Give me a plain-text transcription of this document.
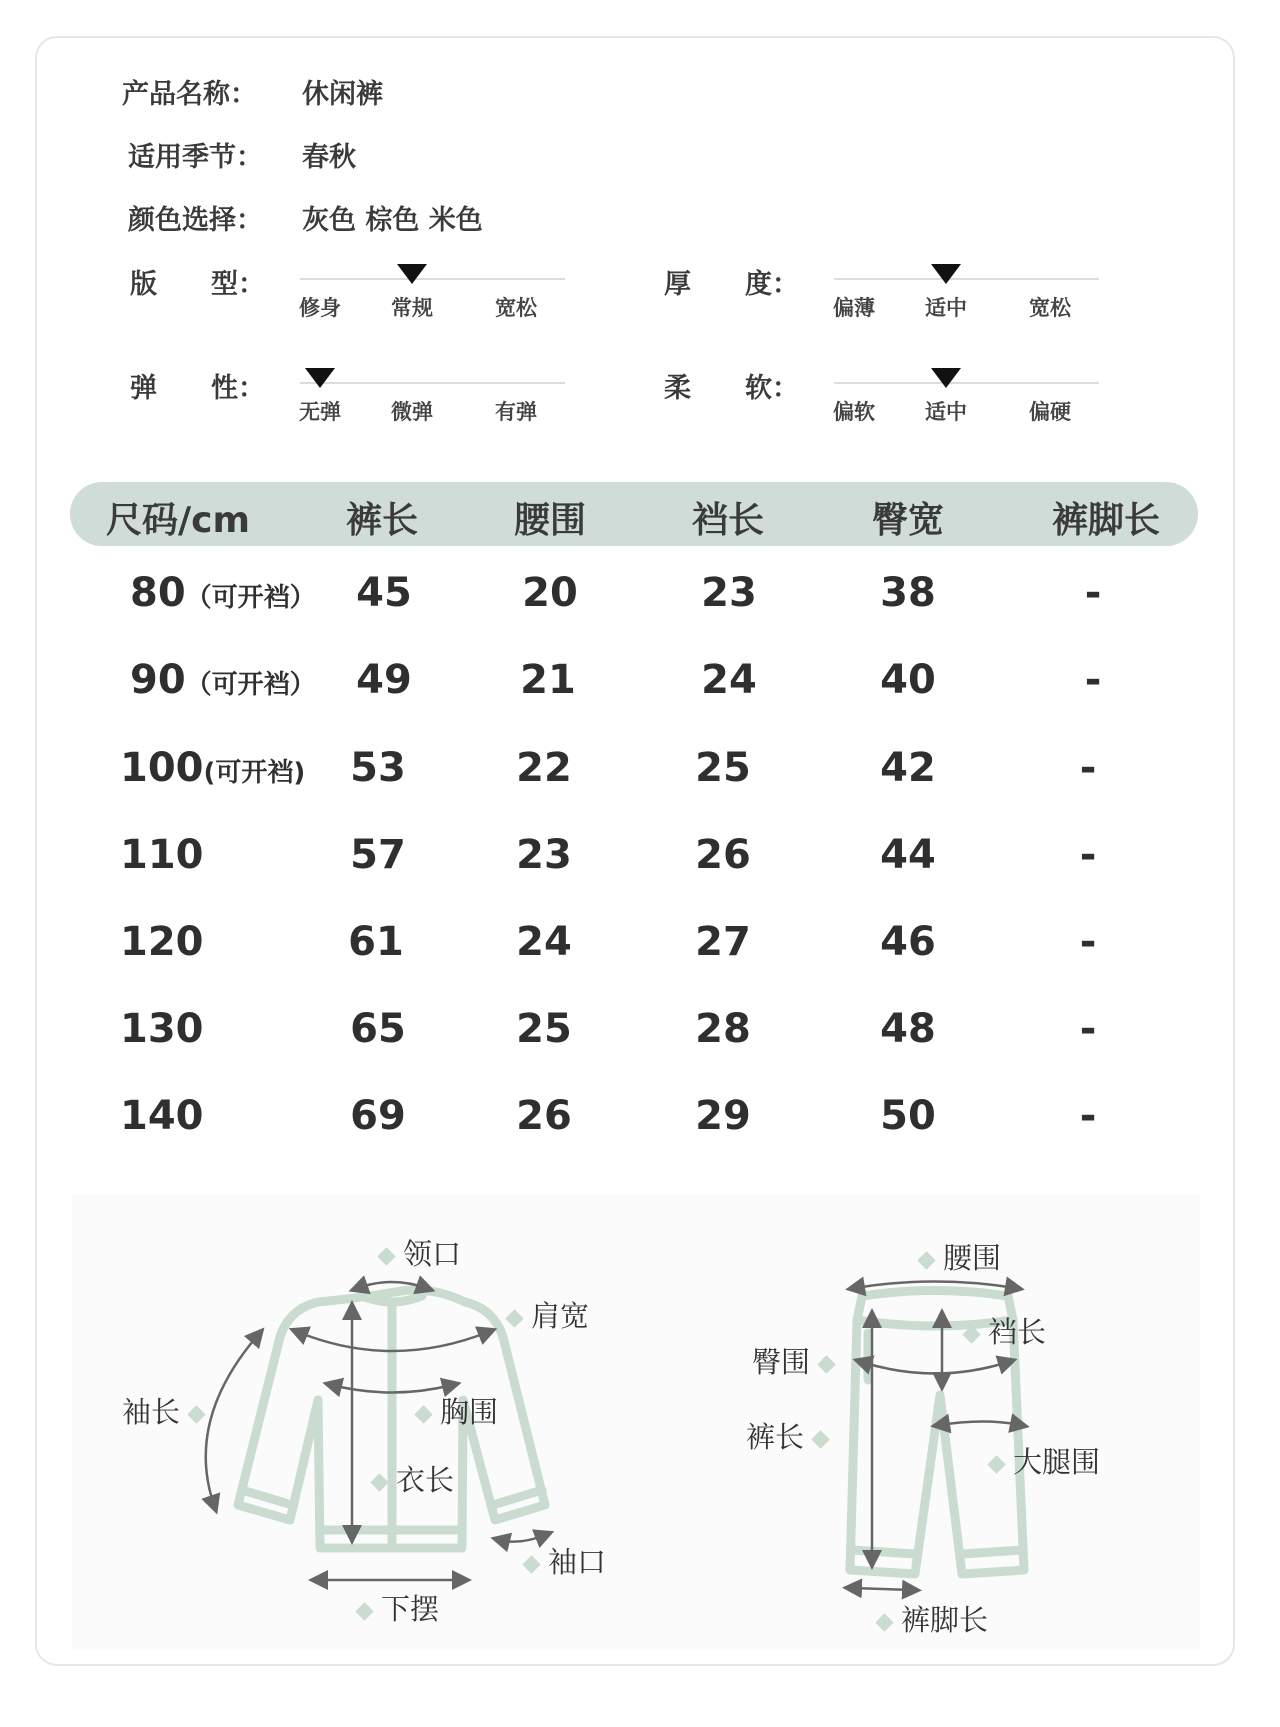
产品名称：	休闲裤
适用季节：	春秋
颜色选择：	灰色 棕色 米色
版　　型：
修身 常规	宽松
厚　　度：
偏薄 适中	宽松
弹　　性：
无弹 微弹	有弹
柔　　软：
偏软 适中	偏硬
尺码/cm	裤长	腰围	裆长	臀宽	裤脚长
80（可开裆） 45	20	23	38	-
90（可开裆） 49	21	24	40	-
100(可开裆) 53	22	25	42	-
110	57	23	26	44	-
120	61	24	27	46	-
130	65	25	28	48	-
140	69	26	29	50	-
领口
肩宽
袖长	胸围
衣长
袖口
下摆
腰围
裆长
臀围
裤长
大腿围
裤脚长
